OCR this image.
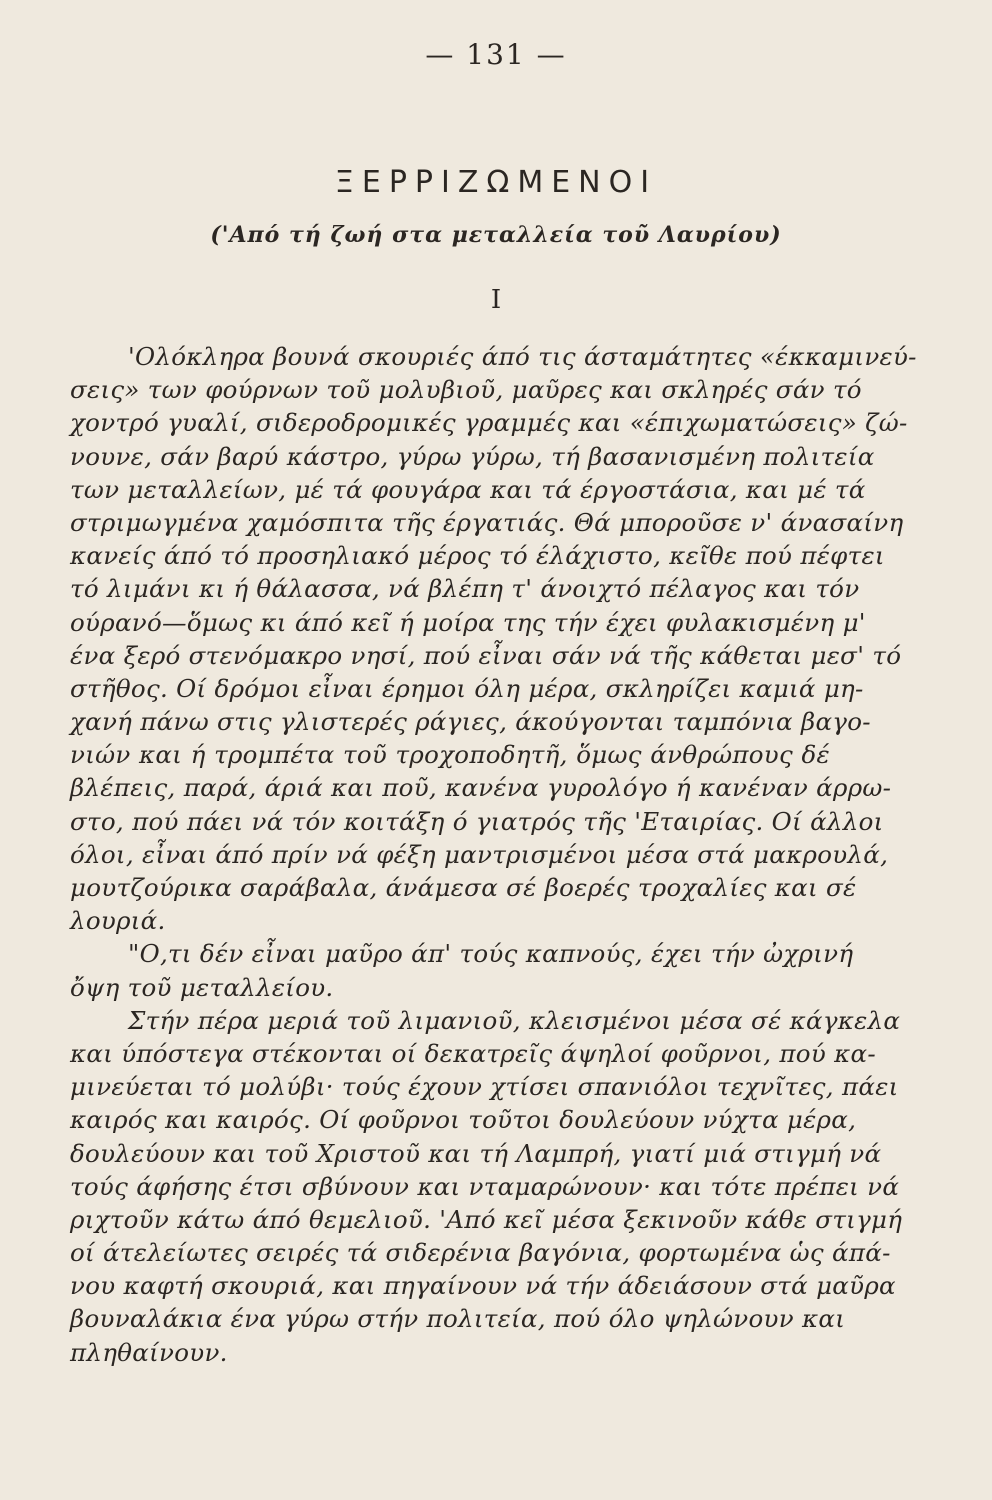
— 131 —
ΞΕΡΡΙΖΩΜΕΝΟΙ
('Από τή ζωή στα μεταλλεία τοῦ Λαυρίου)
Ι
'Ολόκληρα βουνά σκουριές άπό τις άσταμάτητες «έκκαμινεύ-
σεις» των φούρνων τοῦ μολυβιοῦ, μαῦρες και σκληρές σάν τό
χοντρό γυαλί, σιδεροδρομικές γραμμές και «έπιχωματώσεις» ζώ-
νουνε, σάν βαρύ κάστρο, γύρω γύρω, τή βασανισμένη πολιτεία
των μεταλλείων, μέ τά φουγάρα και τά έργοστάσια, και μέ τά
στριμωγμένα χαμόσπιτα τῆς έργατιάς. Θά μποροῦσε ν' άνασαίνη
κανείς άπό τό προσηλιακό μέρος τό έλάχιστο, κεῖθε πού πέφτει
τό λιμάνι κι ή θάλασσα, νά βλέπη τ' άνοιχτό πέλαγος και τόν
ούρανό—ὅμως κι άπό κεῖ ή μοίρα της τήν έχει φυλακισμένη μ'
ένα ξερό στενόμακρο νησί, πού εἶναι σάν νά τῆς κάθεται μεσ' τό
στῆθος. Οί δρόμοι εἶναι έρημοι όλη μέρα, σκληρίζει καμιά μη-
χανή πάνω στις γλιστερές ράγιες, άκούγονται ταμπόνια βαγο-
νιών και ή τρομπέτα τοῦ τροχοποδητῆ, ὅμως άνθρώπους δέ
βλέπεις, παρά, άριά και ποῦ, κανένα γυρολόγο ή κανέναν άρρω-
στο, πού πάει νά τόν κοιτάξη ό γιατρός τῆς 'Εταιρίας. Οί άλλοι
όλοι, εἶναι άπό πρίν νά φέξη μαντρισμένοι μέσα στά μακρουλά,
μουτζούρικα σαράβαλα, άνάμεσα σέ βοερές τροχαλίες και σέ
λουριά.
"Ο,τι δέν εἶναι μαῦρο άπ' τούς καπνούς, έχει τήν ὠχρινή
ὄψη τοῦ μεταλλείου.
Στήν πέρα μεριά τοῦ λιμανιοῦ, κλεισμένοι μέσα σέ κάγκελα
και ύπόστεγα στέκονται οί δεκατρεῖς άψηλοί φοῦρνοι, πού κα-
μινεύεται τό μολύβι· τούς έχουν χτίσει σπανιόλοι τεχνῖτες, πάει
καιρός και καιρός. Οί φοῦρνοι τοῦτοι δουλεύουν νύχτα μέρα,
δουλεύουν και τοῦ Χριστοῦ και τή Λαμπρή, γιατί μιά στιγμή νά
τούς άφήσης έτσι σβύνουν και νταμαρώνουν· και τότε πρέπει νά
ριχτοῦν κάτω άπό θεμελιοῦ. 'Από κεῖ μέσα ξεκινοῦν κάθε στιγμή
οί άτελείωτες σειρές τά σιδερένια βαγόνια, φορτωμένα ὡς άπά-
νου καφτή σκουριά, και πηγαίνουν νά τήν άδειάσουν στά μαῦρα
βουναλάκια ένα γύρω στήν πολιτεία, πού όλο ψηλώνουν και
πληθαίνουν.
